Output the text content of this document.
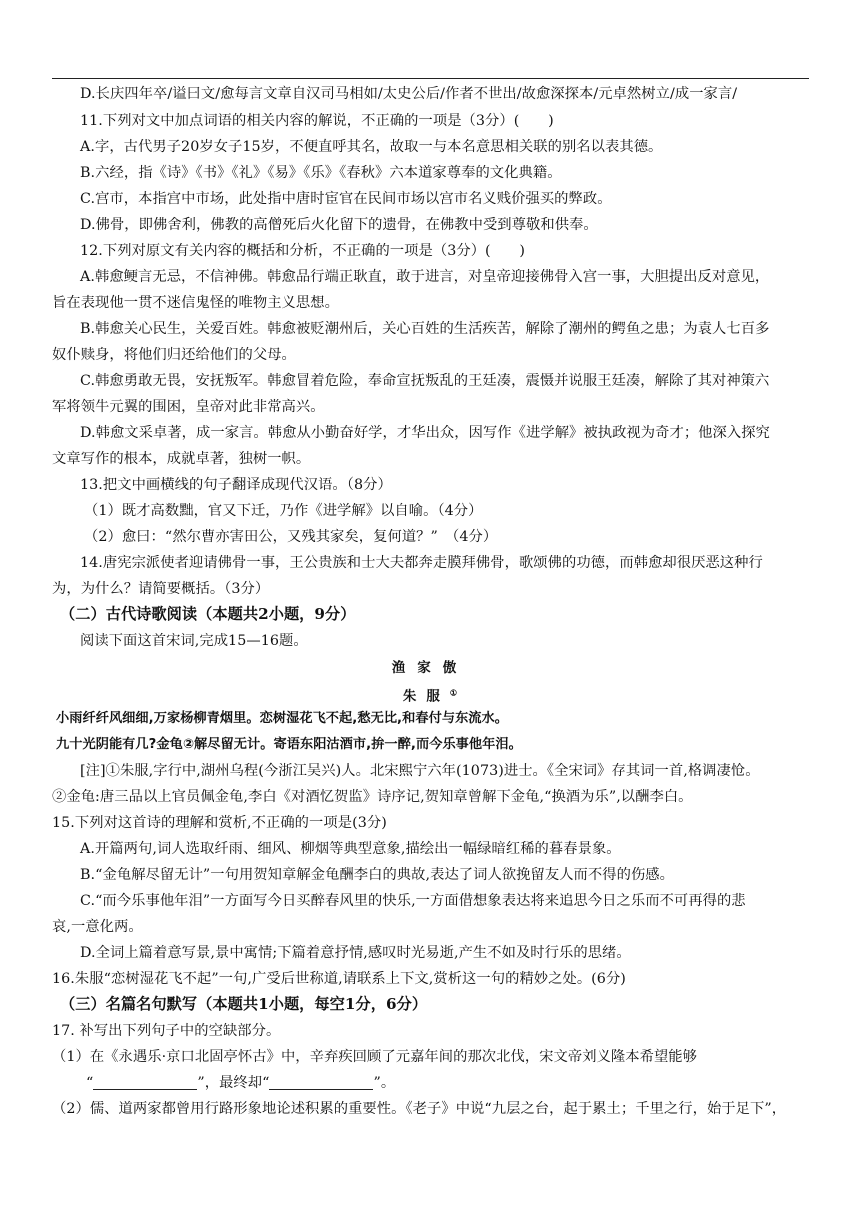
D.长庆四年卒/谥曰文/愈每言文章自汉司马相如/太史公后/作者不世出/故愈深探本/元卓然树立/成一家言/
11.下列对文中加点词语的相关内容的解说，不正确的一项是（3分）(　　)
A.字，古代男子20岁女子15岁，不便直呼其名，故取一与本名意思相关联的别名以表其德。
B.六经，指《诗》《书》《礼》《易》《乐》《春秋》六本道家尊奉的文化典籍。
C.宫市，本指宫中市场，此处指中唐时宦官在民间市场以宫市名义贱价强买的弊政。
D.佛骨，即佛舍利，佛教的高僧死后火化留下的遗骨，在佛教中受到尊敬和供奉。
12.下列对原文有关内容的概括和分析，不正确的一项是（3分）(　　)
A.韩愈鲠言无忌，不信神佛。韩愈品行端正耿直，敢于进言，对皇帝迎接佛骨入宫一事，大胆提出反对意见，
旨在表现他一贯不迷信鬼怪的唯物主义思想。
B.韩愈关心民生，关爱百姓。韩愈被贬潮州后，关心百姓的生活疾苦，解除了潮州的鳄鱼之患；为袁人七百多
奴仆赎身，将他们归还给他们的父母。
C.韩愈勇敢无畏，安抚叛军。韩愈冒着危险，奉命宣抚叛乱的王廷凑，震慑并说服王廷凑，解除了其对神策六
军将领牛元翼的围困，皇帝对此非常高兴。
D.韩愈文采卓著，成一家言。韩愈从小勤奋好学，才华出众，因写作《进学解》被执政视为奇才；他深入探究
文章写作的根本，成就卓著，独树一帜。
13.把文中画横线的句子翻译成现代汉语。（8分）
（1）既才高数黜，官又下迁，乃作《进学解》以自喻。（4分）
（2）愈曰：“然尔曹亦害田公，又残其家矣，复何道？”　（4分）
14.唐宪宗派使者迎请佛骨一事，王公贵族和士大夫都奔走膜拜佛骨，歌颂佛的功德，而韩愈却很厌恶这种行
为，为什么？请简要概括。（3分）
（二）古代诗歌阅读（本题共2小题，9分）
阅读下面这首宋词,完成15—16题。
渔家傲
朱服①
小雨纤纤风细细,万家杨柳青烟里。恋树湿花飞不起,愁无比,和春付与东流水。
九十光阴能有几?金龟②解尽留无计。寄语东阳沽酒市,拚一醉,而今乐事他年泪。
[注]①朱服,字行中,湖州乌程(今浙江吴兴)人。北宋熙宁六年(1073)进士。《全宋词》存其词一首,格调凄怆。
②金龟:唐三品以上官员佩金龟,李白《对酒忆贺监》诗序记,贺知章曾解下金龟,“换酒为乐”,以酬李白。
15.下列对这首诗的理解和赏析,不正确的一项是(3分)
A.开篇两句,词人选取纤雨、细风、柳烟等典型意象,描绘出一幅绿暗红稀的暮春景象。
B.“金龟解尽留无计”一句用贺知章解金龟酬李白的典故,表达了词人欲挽留友人而不得的伤感。
C.“而今乐事他年泪”一方面写今日买醉春风里的快乐,一方面借想象表达将来追思今日之乐而不可再得的悲
哀,一意化两。
D.全词上篇着意写景,景中寓情;下篇着意抒情,感叹时光易逝,产生不如及时行乐的思绪。
16.朱服“恋树湿花飞不起”一句,广受后世称道,请联系上下文,赏析这一句的精妙之处。(6分)
（三）名篇名句默写（本题共1小题，每空1分，6分）
17. 补写出下列句子中的空缺部分。
（1）在《永遇乐·京口北固亭怀古》中，辛弃疾回顾了元嘉年间的那次北伐，宋文帝刘义隆本希望能够
“	”，最终却“	”。
（2）儒、道两家都曾用行路形象地论述积累的重要性。《老子》中说“九层之台，起于累土；千里之行，始于足下”，
